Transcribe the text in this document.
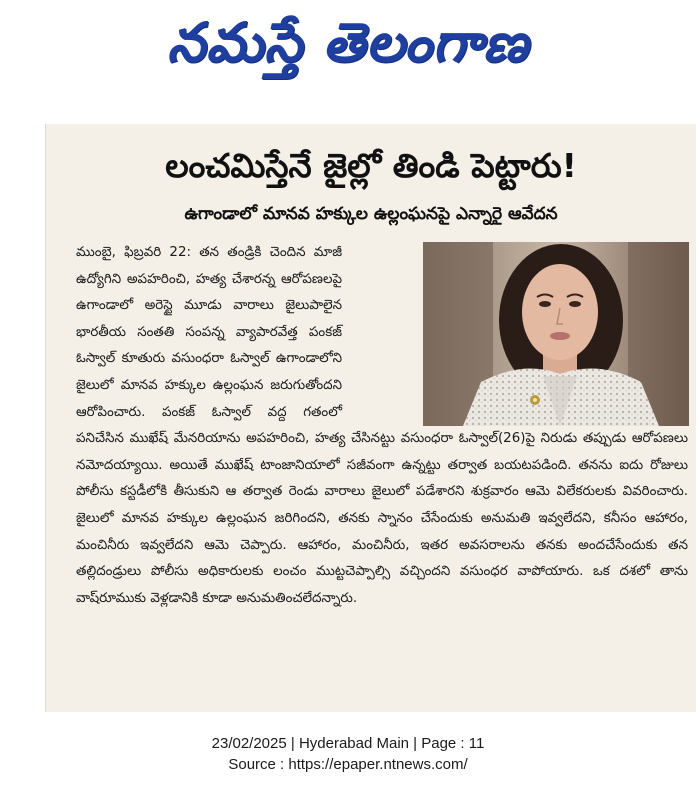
నమస్తే తెలంగాణ
లంచమిస్తేనే జైల్లో తిండి పెట్టారు!
ఉగాండాలో మానవ హక్కుల ఉల్లంఘనపై ఎన్నారై ఆవేదన
ముంబై, ఫిబ్రవరి 22: తన తండ్రికి చెందిన మాజీ ఉద్యోగిని అపహరించి, హత్య చేశారన్న ఆరోపణలపై ఉగాండాలో అరెస్టై మూడు వారాలు జైలుపాలైన భారతీయ సంతతి సంపన్న వ్యాపారవేత్త పంకజ్ ఓస్వాల్ కూతురు వసుంధరా ఓస్వాల్ ఉగాండాలోని జైలులో మానవ హక్కుల ఉల్లంఘన జరుగుతోందని ఆరోపించారు. పంకజ్ ఓస్వాల్ వద్ద గతంలో పనిచేసిన ముఖేష్ మేనరియాను అపహరించి, హత్య చేసినట్టు వసుంధరా ఓస్వాల్(26)పై నిరుడు తప్పుడు ఆరోపణలు నమోదయ్యాయి. అయితే ముఖేష్ టాంజానియాలో సజీవంగా ఉన్నట్టు తర్వాత బయటపడింది. తనను ఐదు రోజులు పోలీసు కస్టడీలోకి తీసుకుని ఆ తర్వాత రెండు వారాలు జైలులో పడేశారని శుక్రవారం ఆమె విలేకరులకు వివరించారు. జైలులో మానవ హక్కుల ఉల్లంఘన జరిగిందని, తనకు స్నానం చేసేందుకు అనుమతి ఇవ్వలేదని, కనీసం ఆహారం, మంచినీరు ఇవ్వలేదని ఆమె చెప్పారు. ఆహారం, మంచినీరు, ఇతర అవసరాలను తనకు అందచేసేందుకు తన తల్లిదండ్రులు పోలీసు అధికారులకు లంచం ముట్టచెప్పాల్సి వచ్చిందని వసుంధర వాపోయారు. ఒక దశలో తాను వాష్‌రూముకు వెళ్లడానికి కూడా అనుమతించలేదన్నారు.
23/02/2025 | Hyderabad Main | Page : 11
Source : https://epaper.ntnews.com/
